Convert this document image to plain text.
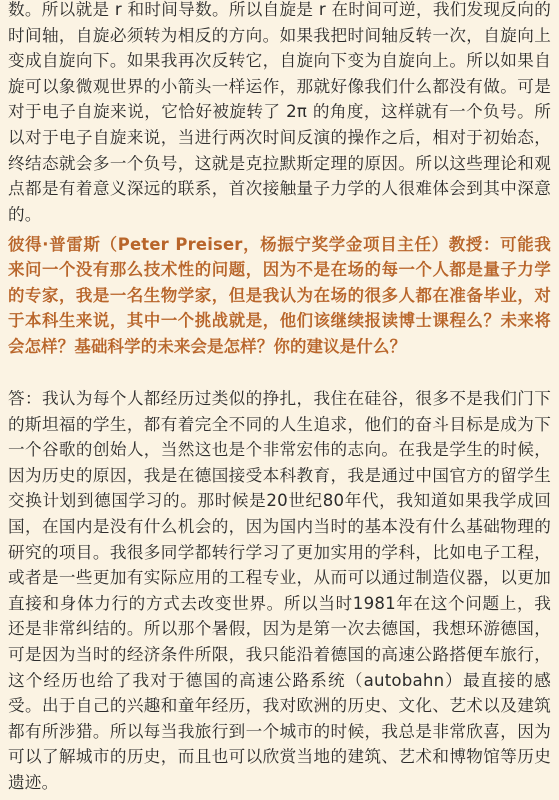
数。所以就是 r 和时间导数。所以自旋是 r 在时间可逆，我们发现反向的时间轴，自旋必须转为相反的方向。如果我把时间轴反转一次，自旋向上变成自旋向下。如果我再次反转它，自旋向下变为自旋向上。所以如果自旋可以象微观世界的小箭头一样运作，那就好像我们什么都没有做。可是对于电子自旋来说，它恰好被旋转了 2π 的角度，这样就有一个负号。所以对于电子自旋来说，当进行两次时间反演的操作之后，相对于初始态，终结态就会多一个负号，这就是克拉默斯定理的原因。所以这些理论和观点都是有着意义深远的联系，首次接触量子力学的人很难体会到其中深意的。

彼得·普雷斯（Peter Preiser，杨振宁奖学金项目主任）教授：可能我来问一个没有那么技术性的问题，因为不是在场的每一个人都是量子力学的专家，我是一名生物学家，但是我认为在场的很多人都在准备毕业，对于本科生来说，其中一个挑战就是，他们该继续报读博士课程么？未来将会怎样？基础科学的未来会是怎样？你的建议是什么？

答：我认为每个人都经历过类似的挣扎，我住在硅谷，很多不是我们门下的斯坦福的学生，都有着完全不同的人生追求，他们的奋斗目标是成为下一个谷歌的创始人，当然这也是个非常宏伟的志向。在我是学生的时候，因为历史的原因，我是在德国接受本科教育，我是通过中国官方的留学生交换计划到德国学习的。那时候是20世纪80年代，我知道如果我学成回国，在国内是没有什么机会的，因为国内当时的基本没有什么基础物理的研究的项目。我很多同学都转行学习了更加实用的学科，比如电子工程，或者是一些更加有实际应用的工程专业，从而可以通过制造仪器，以更加直接和身体力行的方式去改变世界。所以当时1981年在这个问题上，我还是非常纠结的。所以那个暑假，因为是第一次去德国，我想环游德国，可是因为当时的经济条件所限，我只能沿着德国的高速公路搭便车旅行，这个经历也给了我对于德国的高速公路系统（autobahn）最直接的感受。出于自己的兴趣和童年经历，我对欧洲的历史、文化、艺术以及建筑都有所涉猎。所以每当我旅行到一个城市的时候，我总是非常欣喜，因为可以了解城市的历史，而且也可以欣赏当地的建筑、艺术和博物馆等历史遗迹。
